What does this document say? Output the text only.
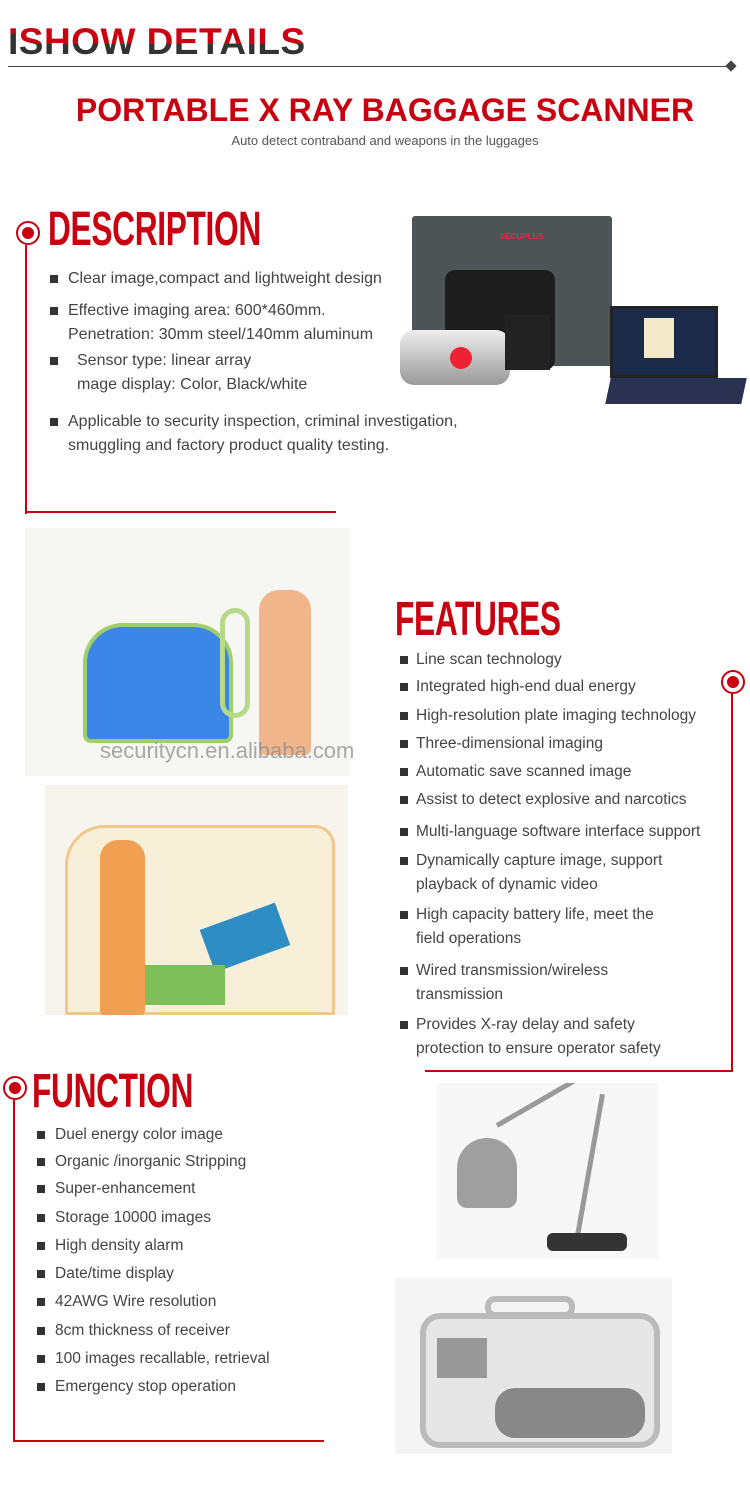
ISHOW DETAILS
PORTABLE X RAY BAGGAGE SCANNER
Auto detect contraband and weapons in the luggages
DESCRIPTION	SECUPLUS
Clear image,compact and lightweight design
Effective imaging area: 600*460mm.
Penetration: 30mm steel/140mm aluminum
Sensor type: linear array
mage display: Color, Black/white
Applicable to security inspection, criminal investigation,
smuggling and factory product quality testing.
FEATURES
Line scan technology
Integrated high-end dual energy
High-resolution plate imaging technology
Three-dimensional imaging
Automatic save scanned image
Assist to detect explosive and narcotics
Multi-language software interface support
Dynamically capture image, support
playback of dynamic video
High capacity battery life, meet the
field operations
Wired transmission/wireless
transmission
Provides X-ray delay and safety
protection to ensure operator safety
securitycn.en.alibaba.com
FUNCTION
Duel energy color image
Organic /inorganic Stripping
Super-enhancement
Storage 10000 images
High density alarm
Date/time display
42AWG Wire resolution
8cm thickness of receiver
100 images recallable, retrieval
Emergency stop operation
